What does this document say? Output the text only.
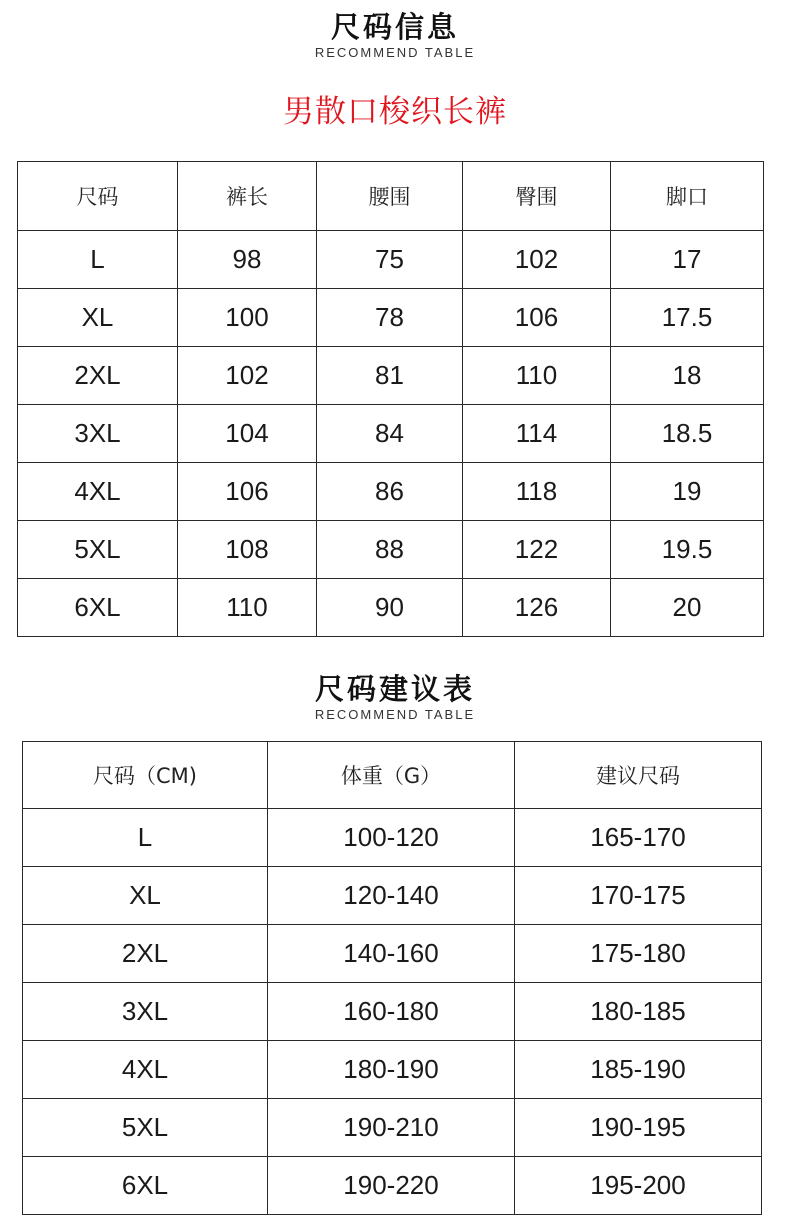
尺码信息
RECOMMEND TABLE
男散口梭织长裤
尺码	裤长	腰围	臀围	脚口
L	98	75	102	17
XL	100	78	106	17.5
2XL	102	81	110	18
3XL	104	84	114	18.5
4XL	106	86	118	19
5XL	108	88	122	19.5
6XL	110	90	126	20
尺码建议表
RECOMMEND TABLE
尺码（CM)	体重（G）	建议尺码
L	100-120	165-170
XL	120-140	170-175
2XL	140-160	175-180
3XL	160-180	180-185
4XL	180-190	185-190
5XL	190-210	190-195
6XL	190-220	195-200
